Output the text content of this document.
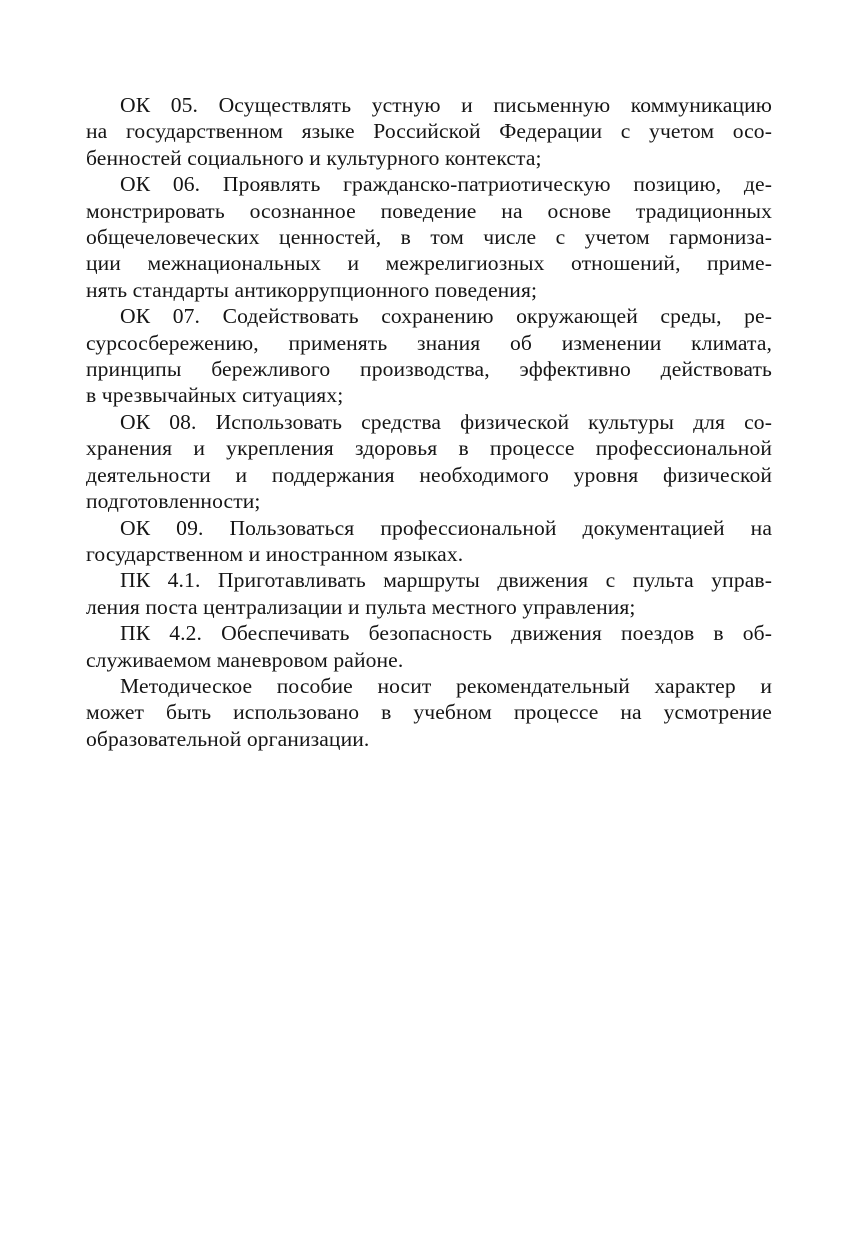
ОК 05. Осуществлять устную и письменную коммуникацию
на государственном языке Российской Федерации с учетом осо-
бенностей социального и культурного контекста;
ОК 06. Проявлять гражданско-патриотическую позицию, де-
монстрировать осознанное поведение на основе традиционных
общечеловеческих ценностей, в том числе с учетом гармониза-
ции межнациональных и межрелигиозных отношений, приме-
нять стандарты антикоррупционного поведения;
ОК 07. Содействовать сохранению окружающей среды, ре-
сурсосбережению, применять знания об изменении климата,
принципы бережливого производства, эффективно действовать
в чрезвычайных ситуациях;
ОК 08. Использовать средства физической культуры для со-
хранения и укрепления здоровья в процессе профессиональной
деятельности и поддержания необходимого уровня физической
подготовленности;
ОК 09. Пользоваться профессиональной документацией на
государственном и иностранном языках.
ПК 4.1. Приготавливать маршруты движения с пульта управ-
ления поста централизации и пульта местного управления;
ПК 4.2. Обеспечивать безопасность движения поездов в об-
служиваемом маневровом районе.
Методическое пособие носит рекомендательный характер и
может быть использовано в учебном процессе на усмотрение
образовательной организации.
